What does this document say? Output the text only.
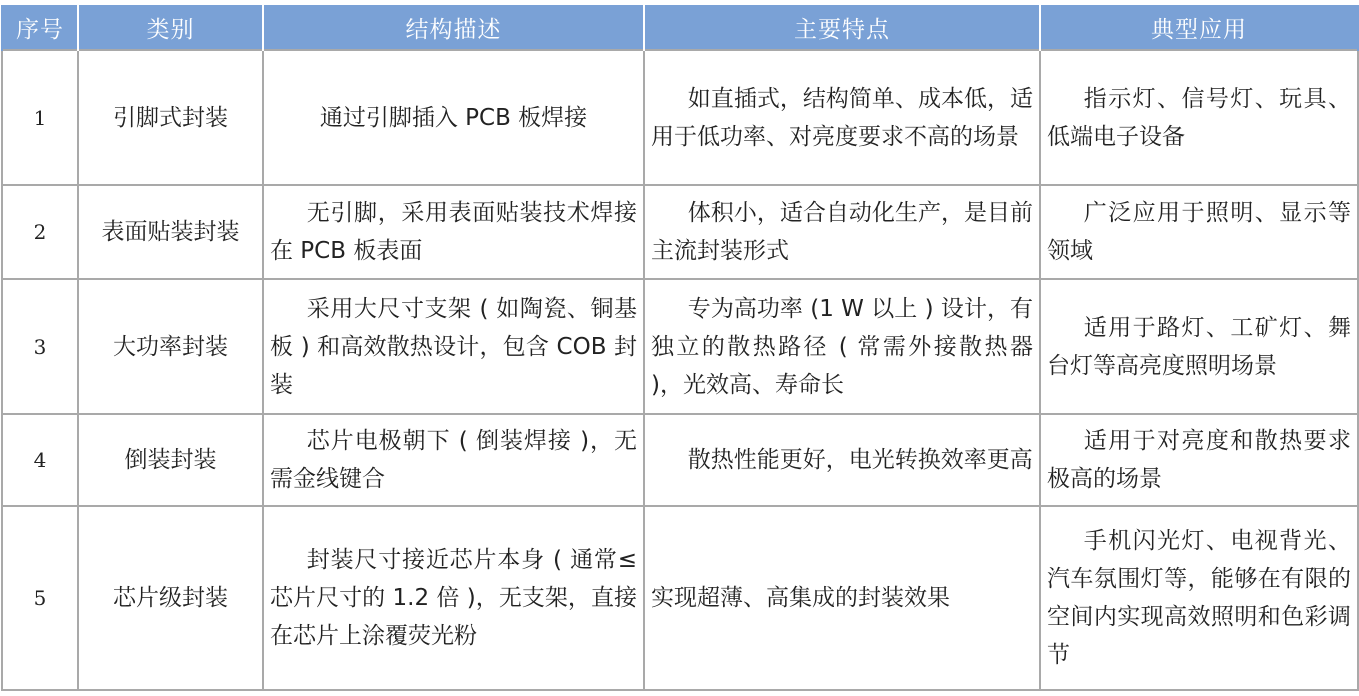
序号	类别	结构描述	主要特点	典型应用
1	引脚式封装	通过引脚插入 PCB 板焊接	如直插式，结构简单、成本低，适用于低功率、对亮度要求不高的场景	指示灯、信号灯、玩具、低端电子设备
2	表面贴装封装	无引脚，采用表面贴装技术焊接在 PCB 板表面	体积小，适合自动化生产，是目前主流封装形式	广泛应用于照明、显示等领域
3	大功率封装	采用大尺寸支架 ( 如陶瓷、铜基板 ) 和高效散热设计，包含 COB 封装	专为高功率 (1 W 以上 ) 设计，有独立的散热路径 ( 常需外接散热器 )，光效高、寿命长	适用于路灯、工矿灯、舞台灯等高亮度照明场景
4	倒装封装	芯片电极朝下 ( 倒装焊接 )，无需金线键合	散热性能更好，电光转换效率更高	适用于对亮度和散热要求极高的场景
5	芯片级封装	封装尺寸接近芯片本身 ( 通常≤芯片尺寸的 1.2 倍 )，无支架，直接在芯片上涂覆荧光粉	实现超薄、高集成的封装效果	手机闪光灯、电视背光、汽车氛围灯等，能够在有限的空间内实现高效照明和色彩调节
